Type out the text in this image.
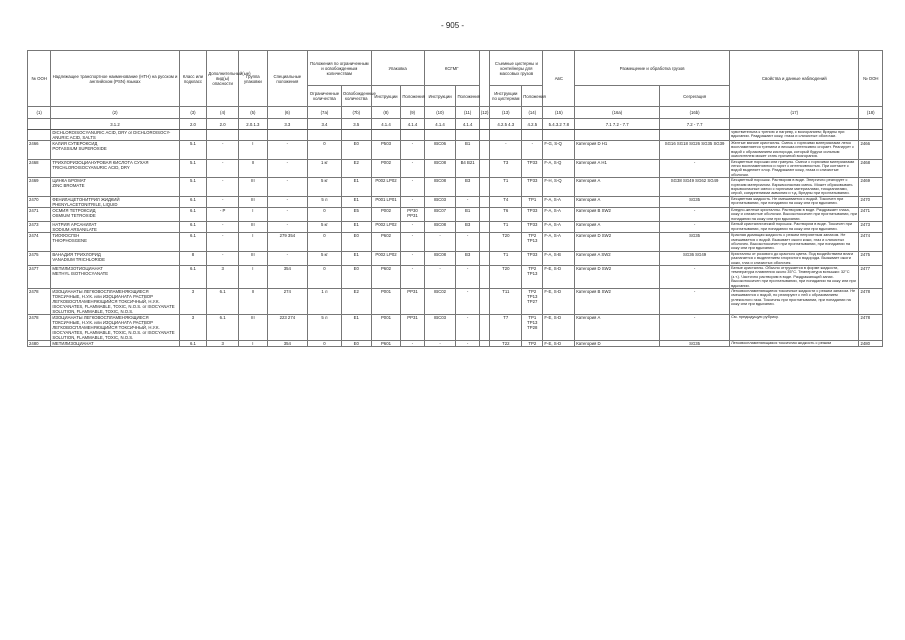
- 905 -
№ ООН	Надлежащее транспортное наименование (НТН) на русском и английском (PSN) языках	Класс или подкласс	Дополнительный(ые) вид(ы) опасности	Группа упаковки	Специальные положения	Положения по ограниченным и освобожденным количествам		Упаковка		КСГМГ			Съемные цистерны и контейнеры для массовых грузов		АвС	Размещение и обработка грузов		Свойства и данные наблюдений	№ ООН
						Ограниченные количества	Освобожденные количества	Инструкции	Положения	Инструкции	Положения		Инструкции по цистернам	Положения			Сегрегация		
(1)	(2)	(3)	(4)	(5)	(6)	(7a)	(7b)	(8)	(9)	(10)	(11)	(12)	(13)	(14)	(15)	(16a)	(16b)	(17)	(18)
	3.1.2	2.0	2.0	2.0.1.3	3.3	3.4	3.5	4.1.4	4.1.4	4.1.4	4.1.4		4.2.5 4.3	4.2.5	5.4.3.2 7.8	7.1 7.2 - 7.7	7.2 - 7.7		

	DICHLOROISOCYANURIC ACID, DRY or DICHLOROISOCY-ANURIC ACID, SALTS																	чувствительна к трению и нагреву, с возгоранием; Вредны при вдыхании. Раздражают кожу, глаза и слизистые оболочки.	
2466	КАЛИЯ СУПЕРОКСИД
POTASSIUM SUPEROXIDE	5.1	-	I	-	0	E0	P503	-	IBC06	B1		-	-	F-G, S-Q	Категория D H1	SG16 SG18 SG26 SG35 SG39	Желтые мягкие кристаллы. Смесь с горючими материалами легко воспламеняется трением и весьма интенсивно сгорает. Реагирует с водой с образованием кислорода, который будучи сильным окислителем может стать причиной возгорания.	2466
2468	ТРИХЛОРИЗОЦИАНУРОВАЯ КИСЛОТА СУХАЯ
TRICHLOROISOCYANURIC ACID, DRY	5.1	-	II	-	1 кг	E2	P002	-	IBC08	B4 B21		T3	TP33	F-A, S-Q	Категория A H1	-	Бесцветные порошки или гранулы. Смеси с горючими материалами легко воспламеняются и горят с интенсивностью. При контакте с водой выделяет хлор. Раздражают кожу, глаза и слизистые оболочки.	2468
2469	ЦИНКА БРОМАТ
ZINC BROMATE	5.1	-	III	-	5 кг	E1	P002 LP02	-	IBC08	B3		T1	TP33	F-H, S-Q	Категория A	SG38 SG49 SG62 SG49	Бесцветный порошок. Растворим в воде. Энергично реагирует с горючим материалом. Взрывоопасная смесь. Может образовывать взрывоопасные смеси с горючими материалами, тиоцианатами, серой, соединениями аммония и т.д. Вредны при проглатывании.	2469
2470	ФЕНИЛАЦЕТОНИТРИЛ ЖИДКИЙ
PHENYLACETONITRILE, LIQUID	6.1	-	III	-	5 л	E1	P001 LP01	-	IBC03	-		T4	TP1	F-A, S-A	Категория A	SG35	Бесцветная жидкость. Не смешивается с водой. Токсичен при проглатывании, при попадании на кожу или при вдыхании.	2470
2471	ОСМИЯ ТЕТРОКСИД
OSMIUM TETROXIDE	6.1	- P	I	-	0	E5	P002	PP30 PP31	IBC07	B1		T6	TP33	F-A, S-A	Категория B SW2	-	Бледно-желтые кристаллы. Растворим в воде. Раздражает глаза, кожу и слизистые оболочки. Высокотоксичен при проглатывании, при попадании на кожу или при вдыхании.	2471
2473	НАТРИЯ АРСАНИЛАТ
SODIUM ARSANILATE	6.1	-	III	-	5 кг	E1	P002 LP02	-	IBC08	B3		T1	TP33	F-A, S-A	Категория A	-	Белый кристаллический порошок. Растворим в воде. Токсичен при проглатывании, при попадании на кожу или при вдыхании.	2473
2474	ТИОФОСГЕН
THIOPHOSGENE	6.1	-	I	279 354	0	E0	P602	-	-	-		T20	TP2 TP13	F-A, S-A	Категория D SW2	SG35	Красная дымящая жидкость с резким неприятным запахом. Не смешивается с водой. Вызывает ожоги кожи, глаз и слизистых оболочек. Высокотоксичен при проглатывании, при попадании на кожу или при вдыхании.	2474
2475	ВАНАДИЯ ТРИХЛОРИД
VANADIUM TRICHLORIDE	8	-	III	-	5 кг	E1	P002 LP02	-	IBC08	B3		T1	TP33	F-A, S-B	Категория A SW2	SG36 SG49	Кристаллы от розового до красного цвета. Под воздействием влаги разлагается с выделением хлористого водорода. Вызывает ожоги кожи, глаз и слизистых оболочек.	2475
2477	МЕТИЛИЗОТИОЦИАНАТ
METHYL ISOTHIOCYANATE	6.1	3	I	354	0	E0	P602	-	-	-		T20	TP2 TP13	F-E, S-D	Категория D SW2	-	Белые кристаллы. Обычно отгружается в форме жидкости, температура плавления около 35°C. Температура вспышки: 32°C (з.т.). Частично растворим в воде. Раздражающий запах. Высокотоксичен при проглатывании, при попадании на кожу или при вдыхании.	2477
2478	ИЗОЦИАНАТЫ ЛЕГКОВОСПЛАМЕНЯЮЩИЕСЯ ТОКСИЧНЫЕ, Н.У.К. или ИЗОЦИАНАТА РАСТВОР ЛЕГКОВОСПЛАМЕНЯЮЩИЙСЯ ТОКСИЧНЫЙ, Н.У.К.
ISOCYANATES, FLAMMABLE, TOXIC, N.O.S. or ISOCYANATE SOLUTION, FLAMMABLE, TOXIC, N.O.S.	3	6.1	II	274	1 л	E2	P001	PP31	IBC02	-		T11	TP2 TP13 TP27	F-E, S-D	Категория B SW2	-	Легковоспламеняющиеся токсичные жидкости с резким запахом. Не смешиваются с водой, но реагируют с ней с образованием углекислого газа. Токсичны при проглатывании, при попадании на кожу или при вдыхании.	2478
2478	ИЗОЦИАНАТЫ ЛЕГКОВОСПЛАМЕНЯЮЩИЕСЯ ТОКСИЧНЫЕ, Н.У.К. или ИЗОЦИАНАТА РАСТВОР ЛЕГКОВОСПЛАМЕНЯЮЩИЙСЯ ТОКСИЧНЫЙ, Н.У.К.
ISOCYANATES, FLAMMABLE, TOXIC, N.O.S. or ISOCYANATE SOLUTION, FLAMMABLE, TOXIC, N.O.S.	3	6.1	III	223 274	5 л	E1	P001	PP31	IBC03	-		T7	TP1 TP13 TP28	F-E, S-D	Категория A	-	См. предыдущую рубрику.	2478
2480	МЕТИЛИЗОЦИАНАТ	6.1	3	I	354	0	E0	P601	-	-	-		T22	TP2	F-E, S-D	Категория D	SG35	Легковоспламеняющаяся токсичная жидкость с резким	2480
